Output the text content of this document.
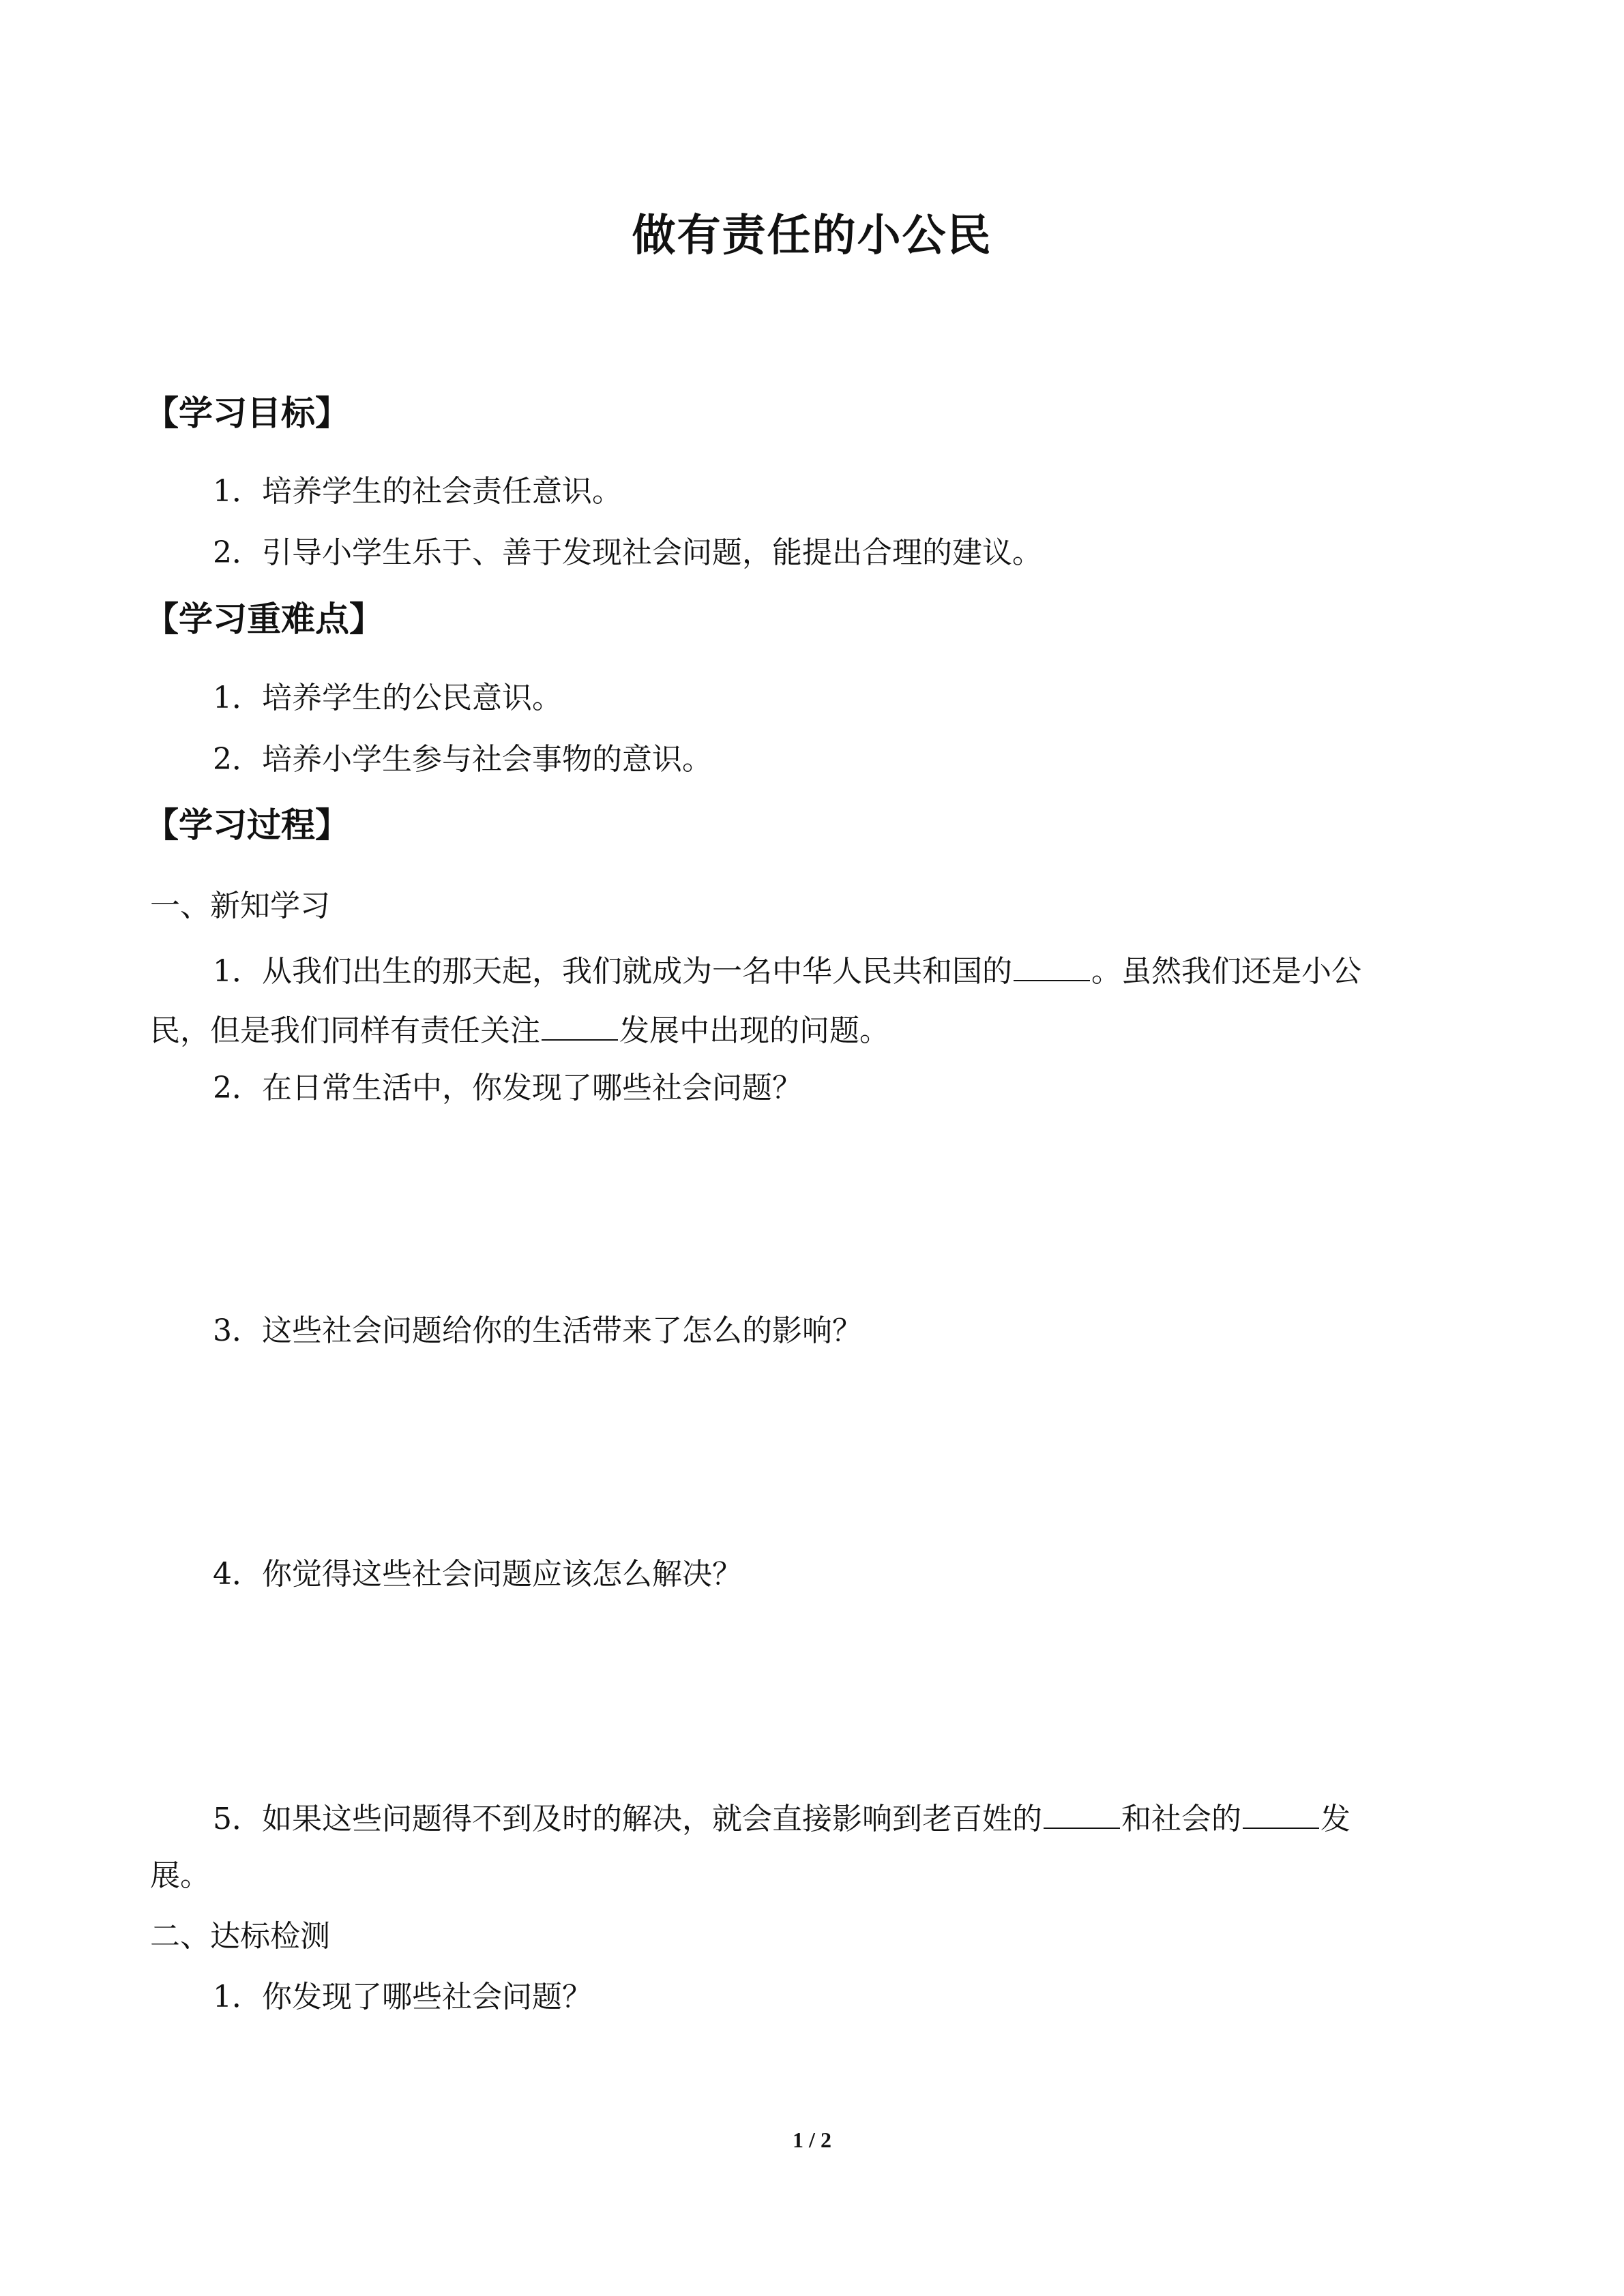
做有责任的小公民
【学习目标】
1．培养学生的社会责任意识。
2．引导小学生乐于、善于发现社会问题，能提出合理的建议。
【学习重难点】
1．培养学生的公民意识。
2．培养小学生参与社会事物的意识。
【学习过程】
一、新知学习
1．从我们出生的那天起，我们就成为一名中华人民共和国的	。虽然我们还是小公
民，但是我们同样有责任关注	发展中出现的问题。
2．在日常生活中，你发现了哪些社会问题？
3．这些社会问题给你的生活带来了怎么的影响？
4．你觉得这些社会问题应该怎么解决？
5．如果这些问题得不到及时的解决，就会直接影响到老百姓的	和社会的	发
展。
二、达标检测
1．你发现了哪些社会问题？
1 / 2
